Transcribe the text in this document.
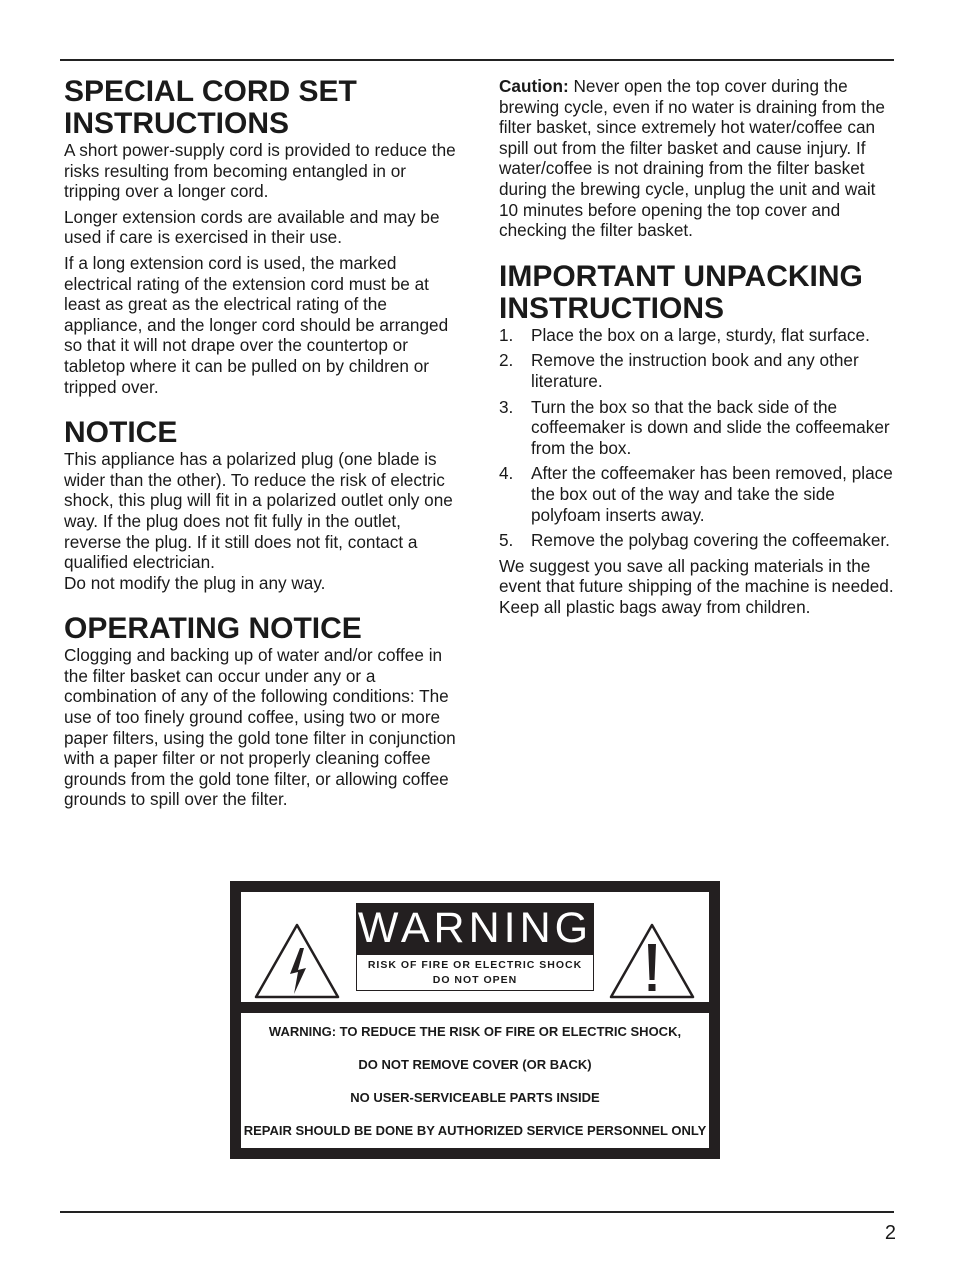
SPECIAL CORD SET
INSTRUCTIONS

A short power-supply cord is provided to reduce the risks resulting from becoming entangled in or tripping over a longer cord.

Longer extension cords are available and may be used if care is exercised in their use.

If a long extension cord is used, the marked electrical rating of the extension cord must be at least as great as the electrical rating of the appliance, and the longer cord should be arranged so that it will not drape over the countertop or tabletop where it can be pulled on by children or tripped over.

NOTICE

This appliance has a polarized plug (one blade is wider than the other). To reduce the risk of electric shock, this plug will fit in a polarized outlet only one way. If the plug does not fit fully in the outlet, reverse the plug. If it still does not fit, contact a qualified electrician.

Do not modify the plug in any way.

OPERATING NOTICE

Clogging and backing up of water and/or coffee in the filter basket can occur under any or a combination of any of the following conditions: The use of too finely ground coffee, using two or more paper filters, using the gold tone filter in conjunction with a paper filter or not properly cleaning coffee grounds from the gold tone filter, or allowing coffee grounds to spill over the filter.

Caution: Never open the top cover during the brewing cycle, even if no water is draining from the filter basket, since extremely hot water/coffee can spill out from the filter basket and cause injury. If water/coffee is not draining from the filter basket during the brewing cycle, unplug the unit and wait 10 minutes before opening the top cover and checking the filter basket.

IMPORTANT UNPACKING
INSTRUCTIONS
1. Place the box on a large, sturdy, flat surface.
2. Remove the instruction book and any other literature.
3. Turn the box so that the back side of the coffeemaker is down and slide the coffeemaker from the box.
4. After the coffeemaker has been removed, place the box out of the way and take the side polyfoam inserts away.
5. Remove the polybag covering the coffeemaker.

We suggest you save all packing materials in the event that future shipping of the machine is needed. Keep all plastic bags away from children.

WARNING
RISK OF FIRE OR ELECTRIC SHOCK
DO NOT OPEN
WARNING: TO REDUCE THE RISK OF FIRE OR ELECTRIC SHOCK,
DO NOT REMOVE COVER (OR BACK)
NO USER-SERVICEABLE PARTS INSIDE
REPAIR SHOULD BE DONE BY AUTHORIZED SERVICE PERSONNEL ONLY
2
